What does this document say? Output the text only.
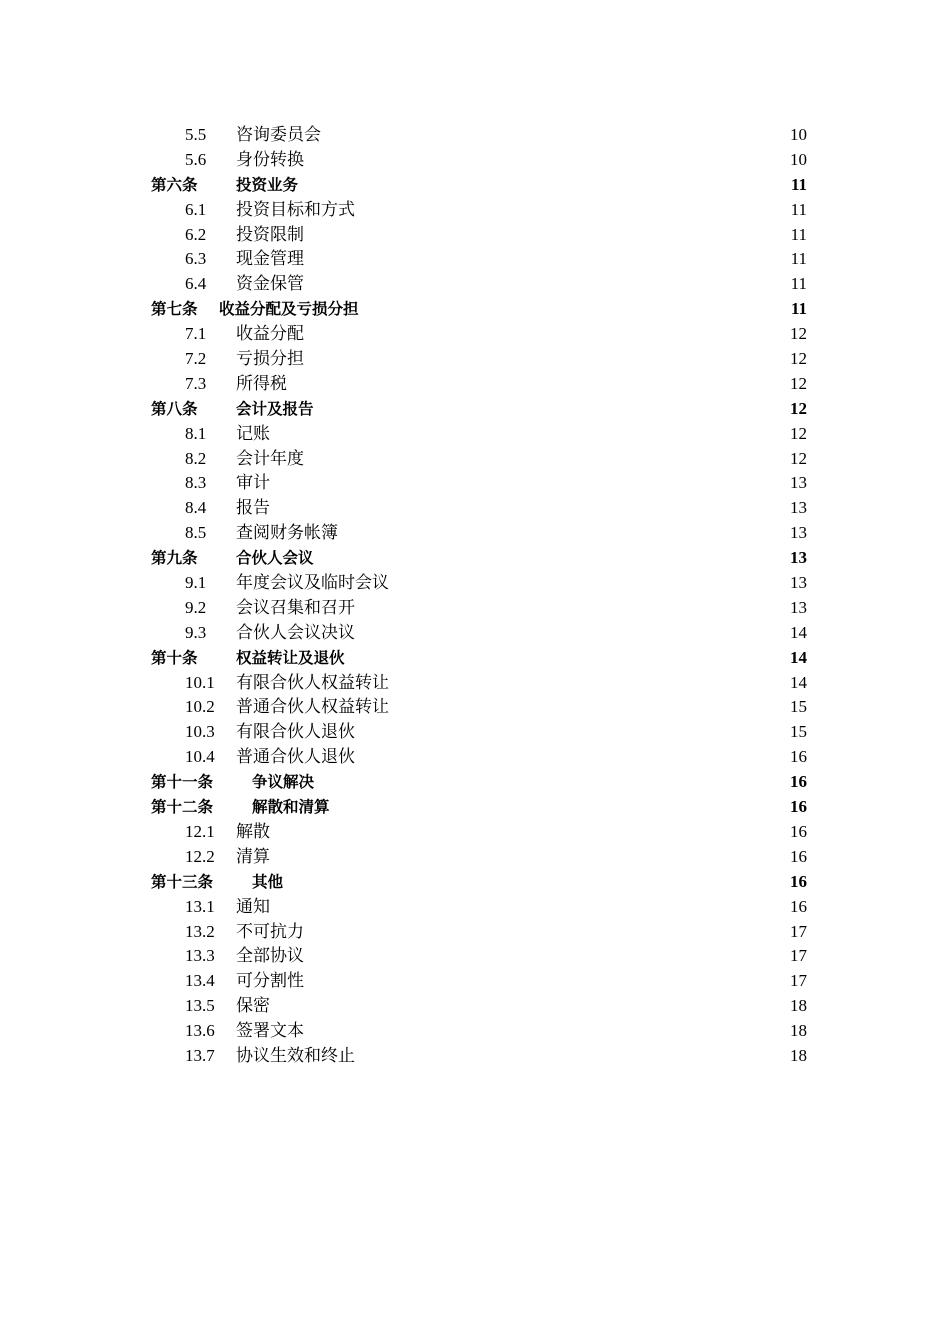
5.5 咨询委员会	10
5.6 身份转换	10
第六条 投资业务	11
6.1 投资目标和方式	11
6.2 投资限制	11
6.3 现金管理	11
6.4 资金保管	11
第七条 收益分配及亏损分担	11
7.1 收益分配	12
7.2 亏损分担	12
7.3 所得税	12
第八条 会计及报告	12
8.1 记账	12
8.2 会计年度	12
8.3 审计	13
8.4 报告	13
8.5 查阅财务帐簿	13
第九条 合伙人会议	13
9.1 年度会议及临时会议	13
9.2 会议召集和召开	13
9.3 合伙人会议决议	14
第十条 权益转让及退伙	14
10.1 有限合伙人权益转让	14
10.2 普通合伙人权益转让	15
10.3 有限合伙人退伙	15
10.4 普通合伙人退伙	16
第十一条	争议解决	16
第十二条	解散和清算	16
12.1 解散	16
12.2 清算	16
第十三条	其他	16
13.1 通知	16
13.2 不可抗力	17
13.3 全部协议	17
13.4 可分割性	17
13.5 保密	18
13.6 签署文本	18
13.7 协议生效和终止	18
